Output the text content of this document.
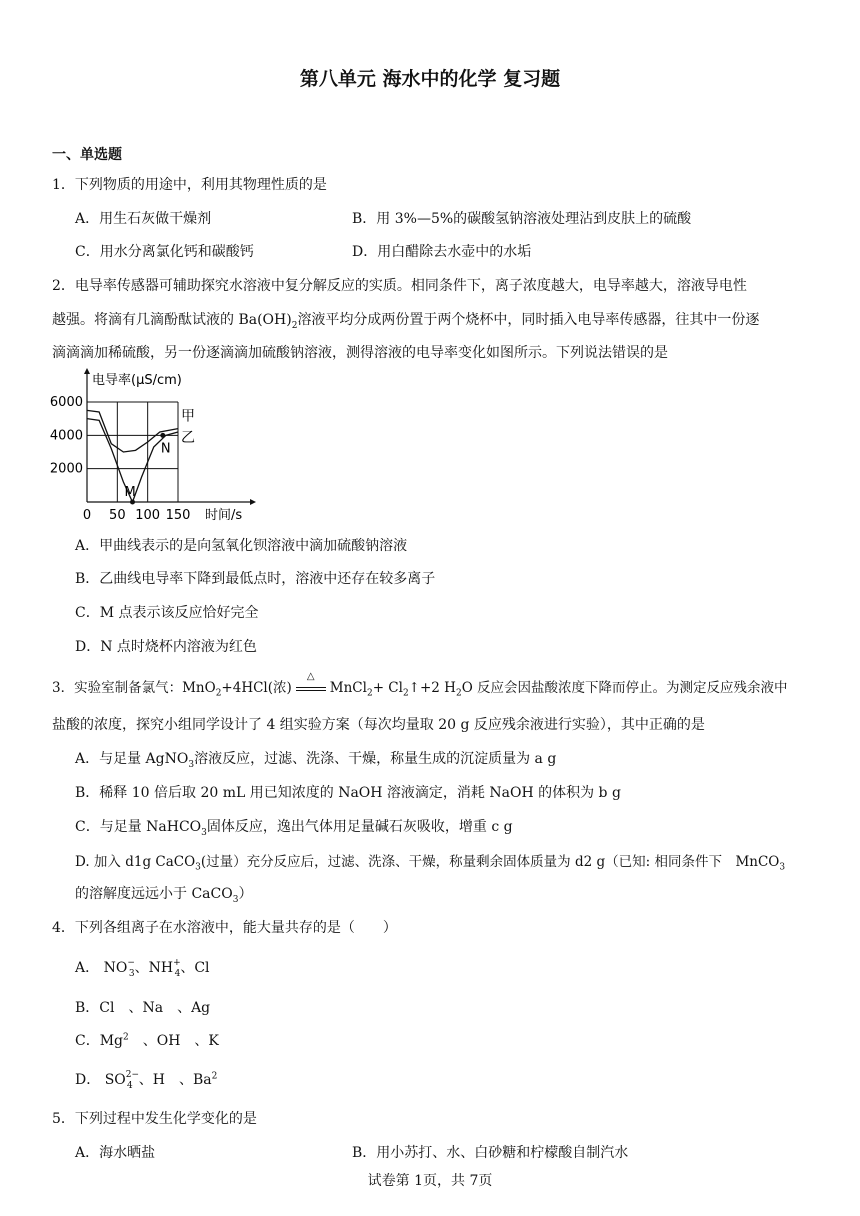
第八单元 海水中的化学 复习题
一、单选题
1．下列物质的用途中，利用其物理性质的是
A．用生石灰做干燥剂	B．用 3%—5%的碳酸氢钠溶液处理沾到皮肤上的硫酸
C．用水分离氯化钙和碳酸钙	D．用白醋除去水壶中的水垢
2．电导率传感器可辅助探究水溶液中复分解反应的实质。相同条件下，离子浓度越大，电导率越大，溶液导电性
越强。将滴有几滴酚酞试液的 $Ba(OH)_2$溶液平均分成两份置于两个烧杯中，同时插入电导率传感器，往其中一份逐
滴滴滴加稀硫酸，另一份逐滴滴加硫酸钠溶液，测得溶液的电导率变化如图所示。下列说法错误的是
0 50 100 150
2000
4000
6000
甲
乙
M
N
电导率(μS/cm)
时间/s
A．甲曲线表示的是向氢氧化钡溶液中滴加硫酸钠溶液
B．乙曲线电导率下降到最低点时，溶液中还存在较多离子
C．M 点表示该反应恰好完全
D．N 点时烧杯内溶液为红色
3．实验室制备氯气：MnO$_2$+4HCl(浓)
△
MnCl$_2$+ $Cl_2↑+2$ $H_2O$ 反应会因盐酸浓度下降而停止。为测定反应残余液中
盐酸的浓度，探究小组同学设计了 4 组实验方案（每次均量取 20 g 反应残余液进行实验），其中正确的是
A．与足量 AgNO$_3$溶液反应，过滤、洗涤、干燥，称量生成的沉淀质量为 a g
B．稀释 10 倍后取 20 mL 用已知浓度的 NaOH 溶液滴定，消耗 NaOH 的体积为 b g
C．与足量 NaHCO$_3$固体反应，逸出气体用足量碱石灰吸收，增重 c g
D. 加入 d1g CaCO$_3$(过量）充分反应后，过滤、洗涤、干燥，称量剩余固体质量为 d2 g（已知: 相同条件下　MnCO$_3$
的溶解度远远小于 CaCO$_3$）
4．下列各组离子在水溶液中，能大量共存的是（　　）
A． $NO^-_3$、$NH^+_4$、Cl
B．Cl　、Na　、Ag
C．Mg$^2$　、OH　、K
D． $SO^{2-}_4$ 、H　、Ba$^2$
5．下列过程中发生化学变化的是
A．海水晒盐	B．用小苏打、水、白砂糖和柠檬酸自制汽水
试卷第 1页，共 7页
